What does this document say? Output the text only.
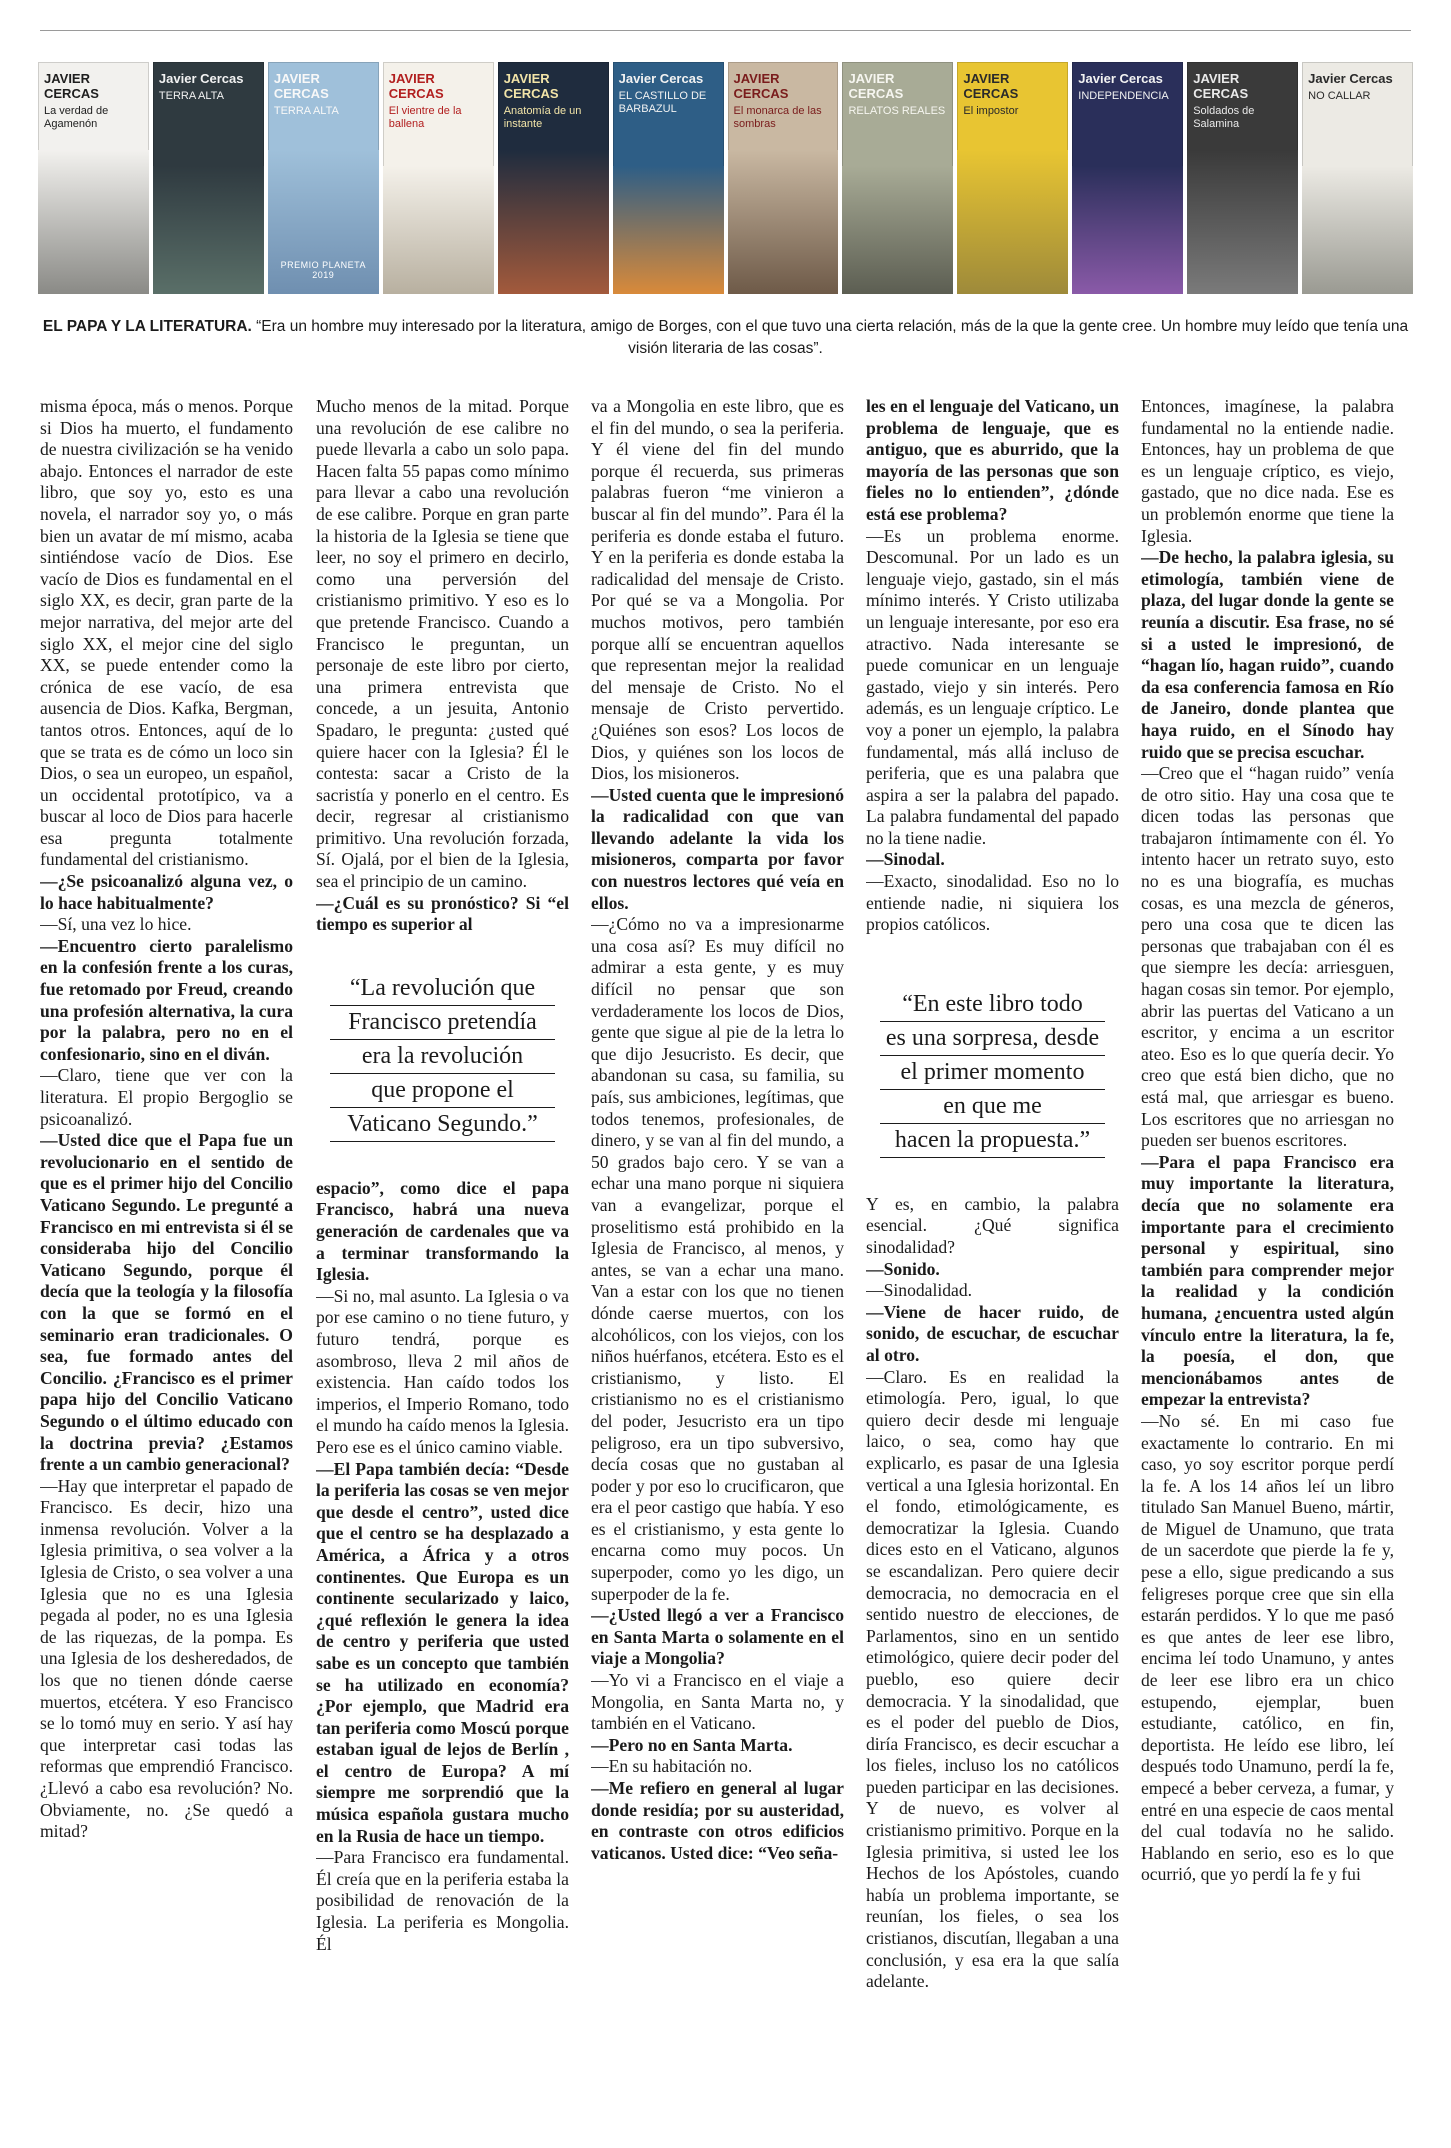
JAVIER CERCAS
La verdad de Agamenón
Javier Cercas
TERRA ALTA
JAVIER CERCAS
TERRA ALTA
PREMIO PLANETA 2019
JAVIER CERCAS
El vientre de la ballena
JAVIER CERCAS
Anatomía de un instante
Javier Cercas
EL CASTILLO DE BARBAZUL
JAVIER CERCAS
El monarca de las sombras
JAVIER CERCAS
RELATOS REALES
JAVIER CERCAS
El impostor
Javier Cercas
INDEPENDENCIA
JAVIER CERCAS
Soldados de Salamina
Javier Cercas
NO CALLAR
EL PAPA Y LA LITERATURA. “Era un hombre muy interesado por la literatura, amigo de Borges, con el que tuvo una cierta relación, más de la que la gente cree. Un hombre muy leído que tenía una visión literaria de las cosas”.

misma época, más o menos. Porque si Dios ha muerto, el fundamento de nuestra civilización se ha venido abajo. Entonces el narrador de este libro, que soy yo, esto es una novela, el narrador soy yo, o más bien un avatar de mí mismo, acaba sintiéndose vacío de Dios. Ese vacío de Dios es fundamental en el siglo XX, es decir, gran parte de la mejor narrativa, del mejor arte del siglo XX, el mejor cine del siglo XX, se puede entender como la crónica de ese vacío, de esa ausencia de Dios. Kafka, Bergman, tantos otros. Entonces, aquí de lo que se trata es de cómo un loco sin Dios, o sea un europeo, un español, un occidental prototípico, va a buscar al loco de Dios para hacerle esa pregunta totalmente fundamental del cristianismo.

—¿Se psicoanalizó alguna vez, o lo hace habitualmente?

—Sí, una vez lo hice.

—Encuentro cierto paralelismo en la confesión frente a los curas, fue retomado por Freud, creando una profesión alternativa, la cura por la palabra, pero no en el confesionario, sino en el diván.

—Claro, tiene que ver con la literatura. El propio Bergoglio se psicoanalizó.

—Usted dice que el Papa fue un revolucionario en el sentido de que es el primer hijo del Concilio Vaticano Segundo. Le pregunté a Francisco en mi entrevista si él se consideraba hijo del Concilio Vaticano Segundo, porque él decía que la teología y la filosofía con la que se formó en el seminario eran tradicionales. O sea, fue formado antes del Concilio. ¿Francisco es el primer papa hijo del Concilio Vaticano Segundo o el último educado con la doctrina previa? ¿Estamos frente a un cambio generacional?

—Hay que interpretar el papado de Francisco. Es decir, hizo una inmensa revolución. Volver a la Iglesia primitiva, o sea volver a la Iglesia de Cristo, o sea volver a una Iglesia que no es una Iglesia pegada al poder, no es una Iglesia de las riquezas, de la pompa. Es una Iglesia de los desheredados, de los que no tienen dónde caerse muertos, etcétera. Y eso Francisco se lo tomó muy en serio. Y así hay que interpretar casi todas las reformas que emprendió Francisco. ¿Llevó a cabo esa revolución? No. Obviamente, no. ¿Se quedó a mitad?

Mucho menos de la mitad. Porque una revolución de ese calibre no puede llevarla a cabo un solo papa. Hacen falta 55 papas como mínimo para llevar a cabo una revolución de ese calibre. Porque en gran parte la historia de la Iglesia se tiene que leer, no soy el primero en decirlo, como una perversión del cristianismo primitivo. Y eso es lo que pretende Francisco. Cuando a Francisco le preguntan, un personaje de este libro por cierto, una primera entrevista que concede, a un jesuita, Antonio Spadaro, le pregunta: ¿usted qué quiere hacer con la Iglesia? Él le contesta: sacar a Cristo de la sacristía y ponerlo en el centro. Es decir, regresar al cristianismo primitivo. Una revolución forzada, Sí. Ojalá, por el bien de la Iglesia, sea el principio de un camino.

—¿Cuál es su pronóstico? Si “el tiempo es superior al

“La revolución que
Francisco pretendía
era la revolución
que propone el
Vaticano Segundo.”

espacio”, como dice el papa Francisco, habrá una nueva generación de cardenales que va a terminar transformando la Iglesia.

—Si no, mal asunto. La Iglesia o va por ese camino o no tiene futuro, y futuro tendrá, porque es asombroso, lleva 2 mil años de existencia. Han caído todos los imperios, el Imperio Romano, todo el mundo ha caído menos la Iglesia. Pero ese es el único camino viable.

—El Papa también decía: “Desde la periferia las cosas se ven mejor que desde el centro”, usted dice que el centro se ha desplazado a América, a África y a otros continentes. Que Europa es un continente secularizado y laico, ¿qué reflexión le genera la idea de centro y periferia que usted sabe es un concepto que también se ha utilizado en economía? ¿Por ejemplo, que Madrid era tan periferia como Moscú porque estaban igual de lejos de Berlín , el centro de Europa? A mí siempre me sorprendió que la música española gustara mucho en la Rusia de hace un tiempo.

—Para Francisco era fundamental. Él creía que en la periferia estaba la posibilidad de renovación de la Iglesia. La periferia es Mongolia. Él

va a Mongolia en este libro, que es el fin del mundo, o sea la periferia. Y él viene del fin del mundo porque él recuerda, sus primeras palabras fueron “me vinieron a buscar al fin del mundo”. Para él la periferia es donde estaba el futuro. Y en la periferia es donde estaba la radicalidad del mensaje de Cristo. Por qué se va a Mongolia. Por muchos motivos, pero también porque allí se encuentran aquellos que representan mejor la realidad del mensaje de Cristo. No el mensaje de Cristo pervertido. ¿Quiénes son esos? Los locos de Dios, y quiénes son los locos de Dios, los misioneros.

—Usted cuenta que le impresionó la radicalidad con que van llevando adelante la vida los misioneros, comparta por favor con nuestros lectores qué veía en ellos.

—¿Cómo no va a impresionarme una cosa así? Es muy difícil no admirar a esta gente, y es muy difícil no pensar que son verdaderamente los locos de Dios, gente que sigue al pie de la letra lo que dijo Jesucristo. Es decir, que abandonan su casa, su familia, su país, sus ambiciones, legítimas, que todos tenemos, profesionales, de dinero, y se van al fin del mundo, a 50 grados bajo cero. Y se van a echar una mano porque ni siquiera van a evangelizar, porque el proselitismo está prohibido en la Iglesia de Francisco, al menos, y antes, se van a echar una mano. Van a estar con los que no tienen dónde caerse muertos, con los alcohólicos, con los viejos, con los niños huérfanos, etcétera. Esto es el cristianismo, y listo. El cristianismo no es el cristianismo del poder, Jesucristo era un tipo peligroso, era un tipo subversivo, decía cosas que no gustaban al poder y por eso lo crucificaron, que era el peor castigo que había. Y eso es el cristianismo, y esta gente lo encarna como muy pocos. Un superpoder, como yo les digo, un superpoder de la fe.

—¿Usted llegó a ver a Francisco en Santa Marta o solamente en el viaje a Mongolia?

—Yo vi a Francisco en el viaje a Mongolia, en Santa Marta no, y también en el Vaticano.

—Pero no en Santa Marta.

—En su habitación no.

—Me refiero en general al lugar donde residía; por su austeridad, en contraste con otros edificios vaticanos. Usted dice: “Veo seña-

les en el lenguaje del Vaticano, un problema de lenguaje, que es antiguo, que es aburrido, que la mayoría de las personas que son fieles no lo entienden”, ¿dónde está ese problema?

—Es un problema enorme. Descomunal. Por un lado es un lenguaje viejo, gastado, sin el más mínimo interés. Y Cristo utilizaba un lenguaje interesante, por eso era atractivo. Nada interesante se puede comunicar en un lenguaje gastado, viejo y sin interés. Pero además, es un lenguaje críptico. Le voy a poner un ejemplo, la palabra fundamental, más allá incluso de periferia, que es una palabra que aspira a ser la palabra del papado. La palabra fundamental del papado no la tiene nadie.

—Sinodal.

—Exacto, sinodalidad. Eso no lo entiende nadie, ni siquiera los propios católicos.

“En este libro todo
es una sorpresa, desde
el primer momento
en que me
hacen la propuesta.”

Y es, en cambio, la palabra esencial. ¿Qué significa sinodalidad?

—Sonido.

—Sinodalidad.

—Viene de hacer ruido, de sonido, de escuchar, de escuchar al otro.

—Claro. Es en realidad la etimología. Pero, igual, lo que quiero decir desde mi lenguaje laico, o sea, como hay que explicarlo, es pasar de una Iglesia vertical a una Iglesia horizontal. En el fondo, etimológicamente, es democratizar la Iglesia. Cuando dices esto en el Vaticano, algunos se escandalizan. Pero quiere decir democracia, no democracia en el sentido nuestro de elecciones, de Parlamentos, sino en un sentido etimológico, quiere decir poder del pueblo, eso quiere decir democracia. Y la sinodalidad, que es el poder del pueblo de Dios, diría Francisco, es decir escuchar a los fieles, incluso los no católicos pueden participar en las decisiones. Y de nuevo, es volver al cristianismo primitivo. Porque en la Iglesia primitiva, si usted lee los Hechos de los Apóstoles, cuando había un problema importante, se reunían, los fieles, o sea los cristianos, discutían, llegaban a una conclusión, y esa era la que salía adelante.

Entonces, imagínese, la palabra fundamental no la entiende nadie. Entonces, hay un problema de que es un lenguaje críptico, es viejo, gastado, que no dice nada. Ese es un problemón enorme que tiene la Iglesia.

—De hecho, la palabra iglesia, su etimología, también viene de plaza, del lugar donde la gente se reunía a discutir. Esa frase, no sé si a usted le impresionó, de “hagan lío, hagan ruido”, cuando da esa conferencia famosa en Río de Janeiro, donde plantea que haya ruido, en el Sínodo hay ruido que se precisa escuchar.

—Creo que el “hagan ruido” venía de otro sitio. Hay una cosa que te dicen todas las personas que trabajaron íntimamente con él. Yo intento hacer un retrato suyo, esto no es una biografía, es muchas cosas, es una mezcla de géneros, pero una cosa que te dicen las personas que trabajaban con él es que siempre les decía: arriesguen, hagan cosas sin temor. Por ejemplo, abrir las puertas del Vaticano a un escritor, y encima a un escritor ateo. Eso es lo que quería decir. Yo creo que está bien dicho, que no está mal, que arriesgar es bueno. Los escritores que no arriesgan no pueden ser buenos escritores.

—Para el papa Francisco era muy importante la literatura, decía que no solamente era importante para el crecimiento personal y espiritual, sino también para comprender mejor la realidad y la condición humana, ¿encuentra usted algún vínculo entre la literatura, la fe, la poesía, el don, que mencionábamos antes de empezar la entrevista?

—No sé. En mi caso fue exactamente lo contrario. En mi caso, yo soy escritor porque perdí la fe. A los 14 años leí un libro titulado San Manuel Bueno, mártir, de Miguel de Unamuno, que trata de un sacerdote que pierde la fe y, pese a ello, sigue predicando a sus feligreses porque cree que sin ella estarán perdidos. Y lo que me pasó es que antes de leer ese libro, encima leí todo Unamuno, y antes de leer ese libro era un chico estupendo, ejemplar, buen estudiante, católico, en fin, deportista. He leído ese libro, leí después todo Unamuno, perdí la fe, empecé a beber cerveza, a fumar, y entré en una especie de caos mental del cual todavía no he salido. Hablando en serio, eso es lo que ocurrió, que yo perdí la fe y fui
